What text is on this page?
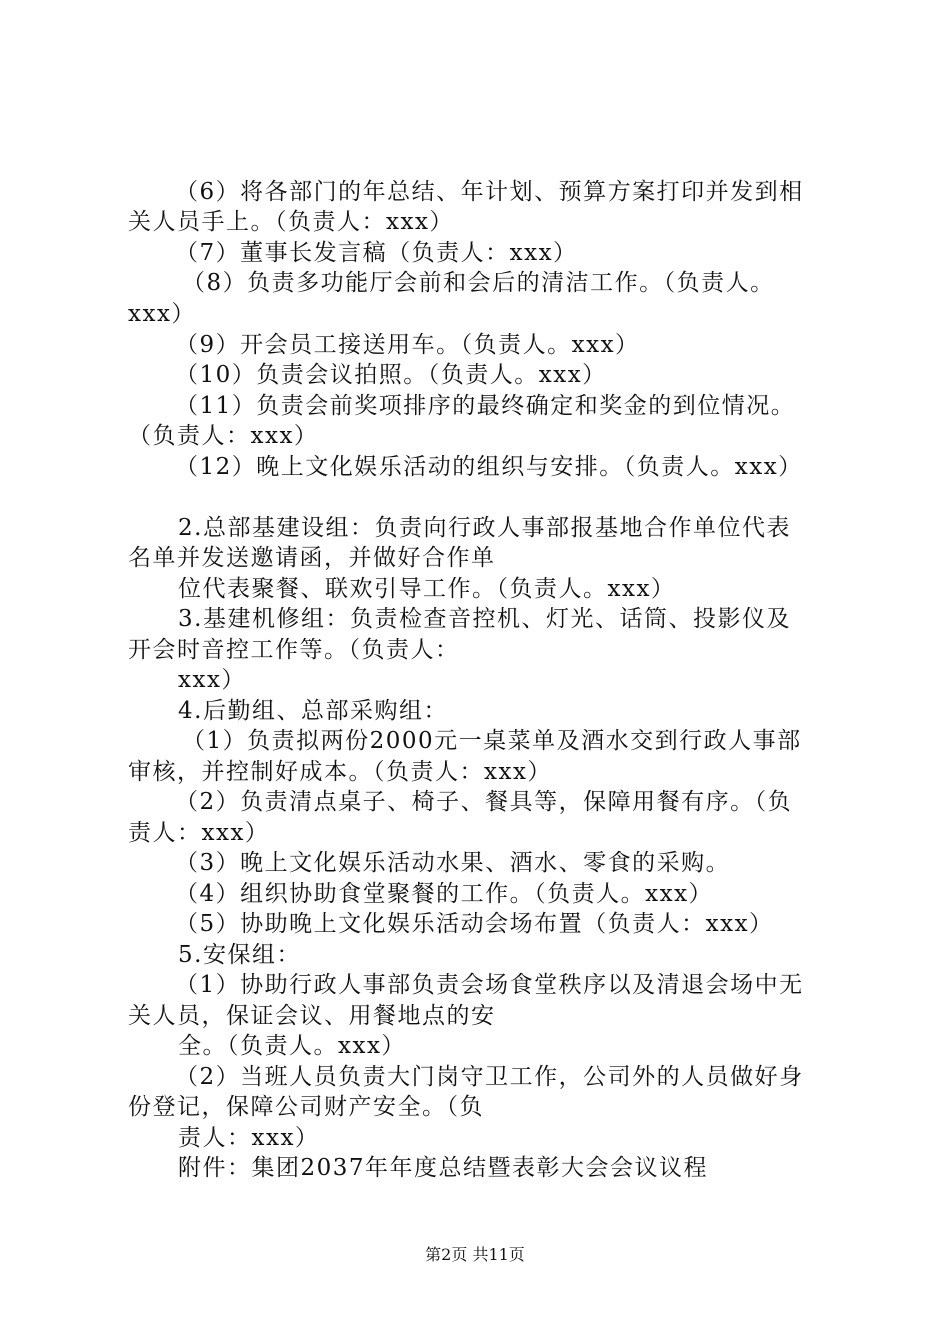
（6）将各部门的年总结、年计划、预算方案打印并发到相
关人员手上。（负责人：xxx）
（7）董事长发言稿（负责人：xxx）
（8）负责多功能厅会前和会后的清洁工作。（负责人。
xxx）
（9）开会员工接送用车。（负责人。xxx）
（10）负责会议拍照。（负责人。xxx）
（11）负责会前奖项排序的最终确定和奖金的到位情况。
（负责人：xxx）
（12）晚上文化娱乐活动的组织与安排。（负责人。xxx）
2.总部基建设组：负责向行政人事部报基地合作单位代表
名单并发送邀请函，并做好合作单
位代表聚餐、联欢引导工作。（负责人。xxx）
3.基建机修组：负责检查音控机、灯光、话筒、投影仪及
开会时音控工作等。（负责人：
xxx）
4.后勤组、总部采购组：
（1）负责拟两份2000元一桌菜单及酒水交到行政人事部
审核，并控制好成本。（负责人：xxx）
（2）负责清点桌子、椅子、餐具等，保障用餐有序。（负
责人：xxx）
（3）晚上文化娱乐活动水果、酒水、零食的采购。
（4）组织协助食堂聚餐的工作。（负责人。xxx）
（5）协助晚上文化娱乐活动会场布置（负责人：xxx）
5.安保组：
（1）协助行政人事部负责会场食堂秩序以及清退会场中无
关人员，保证会议、用餐地点的安
全。（负责人。xxx）
（2）当班人员负责大门岗守卫工作，公司外的人员做好身
份登记，保障公司财产安全。（负
责人：xxx）
附件：集团2037年年度总结暨表彰大会会议议程
第2页 共11页
